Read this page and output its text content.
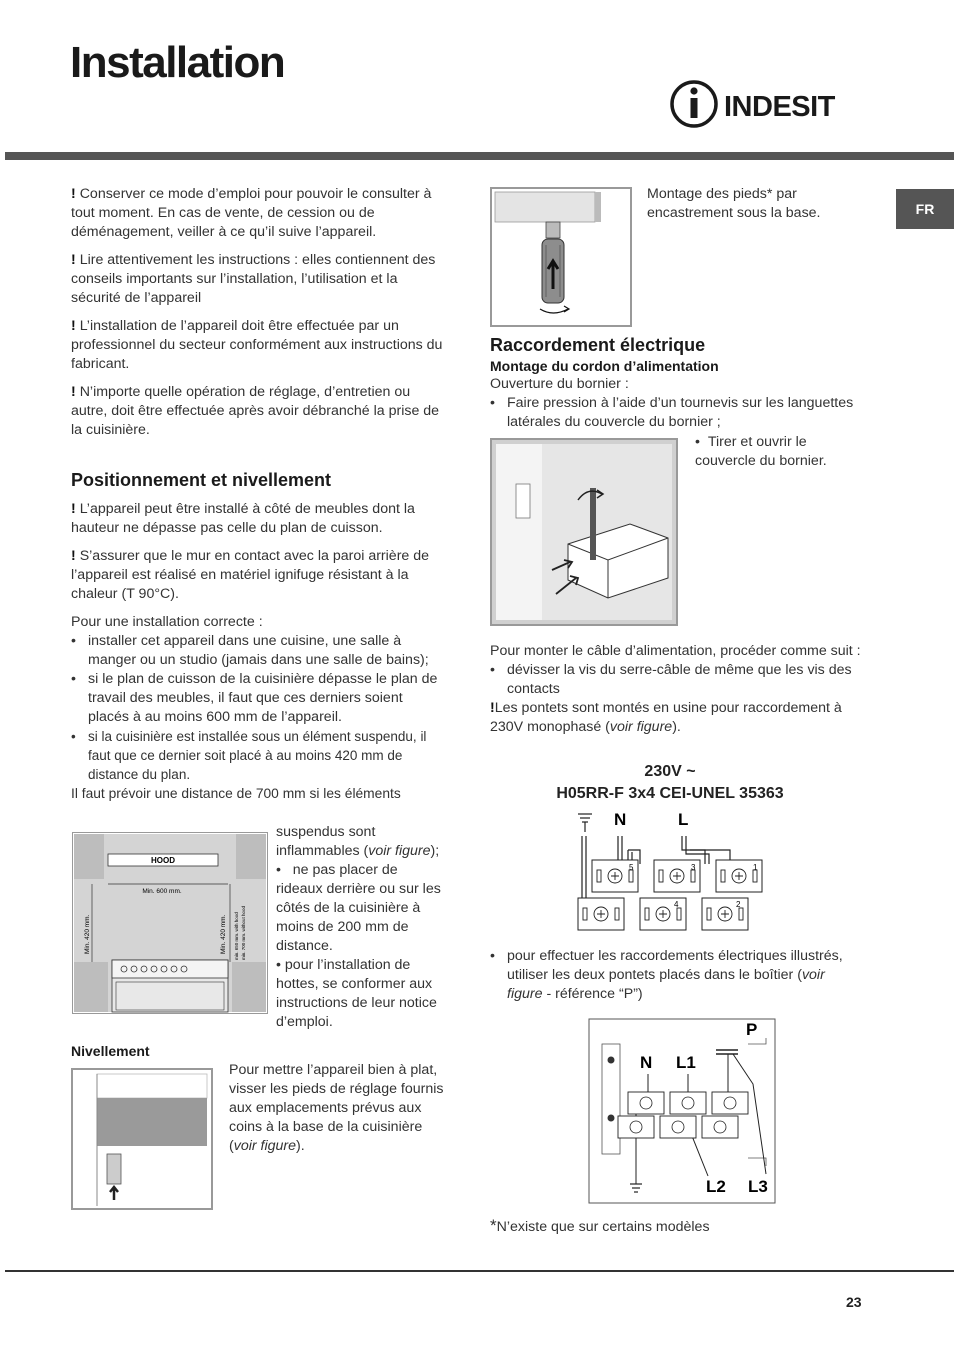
Installation
INDESIT
FR

! Conserver ce mode d’emploi pour pouvoir le consulter à tout moment. En cas de vente, de cession ou de déménagement, veiller à ce qu’il suive l’appareil.

! Lire attentivement les instructions : elles contiennent des conseils importants sur l’installation, l’utilisation et la sécurité de l’appareil

! L’installation de l’appareil doit être effectuée par un professionnel du secteur conformément aux instructions du fabricant.

! N’importe quelle opération de réglage, d’entretien ou autre, doit être effectuée après avoir débranché la prise de la cuisinière.

Positionnement et nivellement

! L’appareil peut être installé à côté de meubles dont la hauteur ne dépasse pas celle du plan de cuisson.

! S’assurer que le mur en contact avec la paroi arrière de l’appareil est réalisé en matériel ignifuge résistant à la chaleur (T 90°C).

Pour une installation correcte :

• installer cet appareil dans une cuisine, une salle à manger ou un studio (jamais dans une salle de bains);

• si le plan de cuisson de la cuisinière dépasse le plan de travail des meubles, il faut que ces derniers soient placés à au moins 600 mm de l’appareil.

• si la cuisinière est installée sous un élément suspendu, il faut que ce dernier soit placé à au moins 420 mm de distance du plan.

Il faut prévoir une distance de 700 mm si les éléments

HOOD
Min. 600 mm.
Min. 420 mm.	Min. 420 mm. min. 650 mm. with hood min. 700 mm. without hood

suspendus sont inflammables (voir figure);

•   ne pas placer de rideaux derrière ou sur les côtés de la cuisinière à moins de 200 mm de distance.

• pour l’installation de hottes, se conformer aux instructions de leur notice d’emploi.

Nivellement

Pour mettre l’appareil bien à plat, visser les pieds de réglage fournis aux emplacements prévus aux coins à la base de la cuisinière (voir figure).

Montage des pieds* par encastrement sous la base.

Raccordement électrique
Montage du cordon d’alimentation

Ouverture du bornier :

• Faire pression à l’aide d’un tournevis sur les languettes latérales du couvercle du bornier ;

•  Tirer et ouvrir le couvercle du bornier.

Pour monter le câble d’alimentation, procéder comme suit :

• dévisser la vis du serre-câble de même que les vis des contacts

!Les pontets sont montés en usine pour raccordement à 230V monophasé (voir figure).

230V ~
H05RR-F 3x4 CEI-UNEL 35363
N	L
5	3	1
4	2

• pour effectuer les raccordements électriques illustrés, utiliser les deux pontets placés dans le boîtier (voir figure - référence “P”)

P
N L1
L2 L3

*N’existe que sur certains modèles

23
